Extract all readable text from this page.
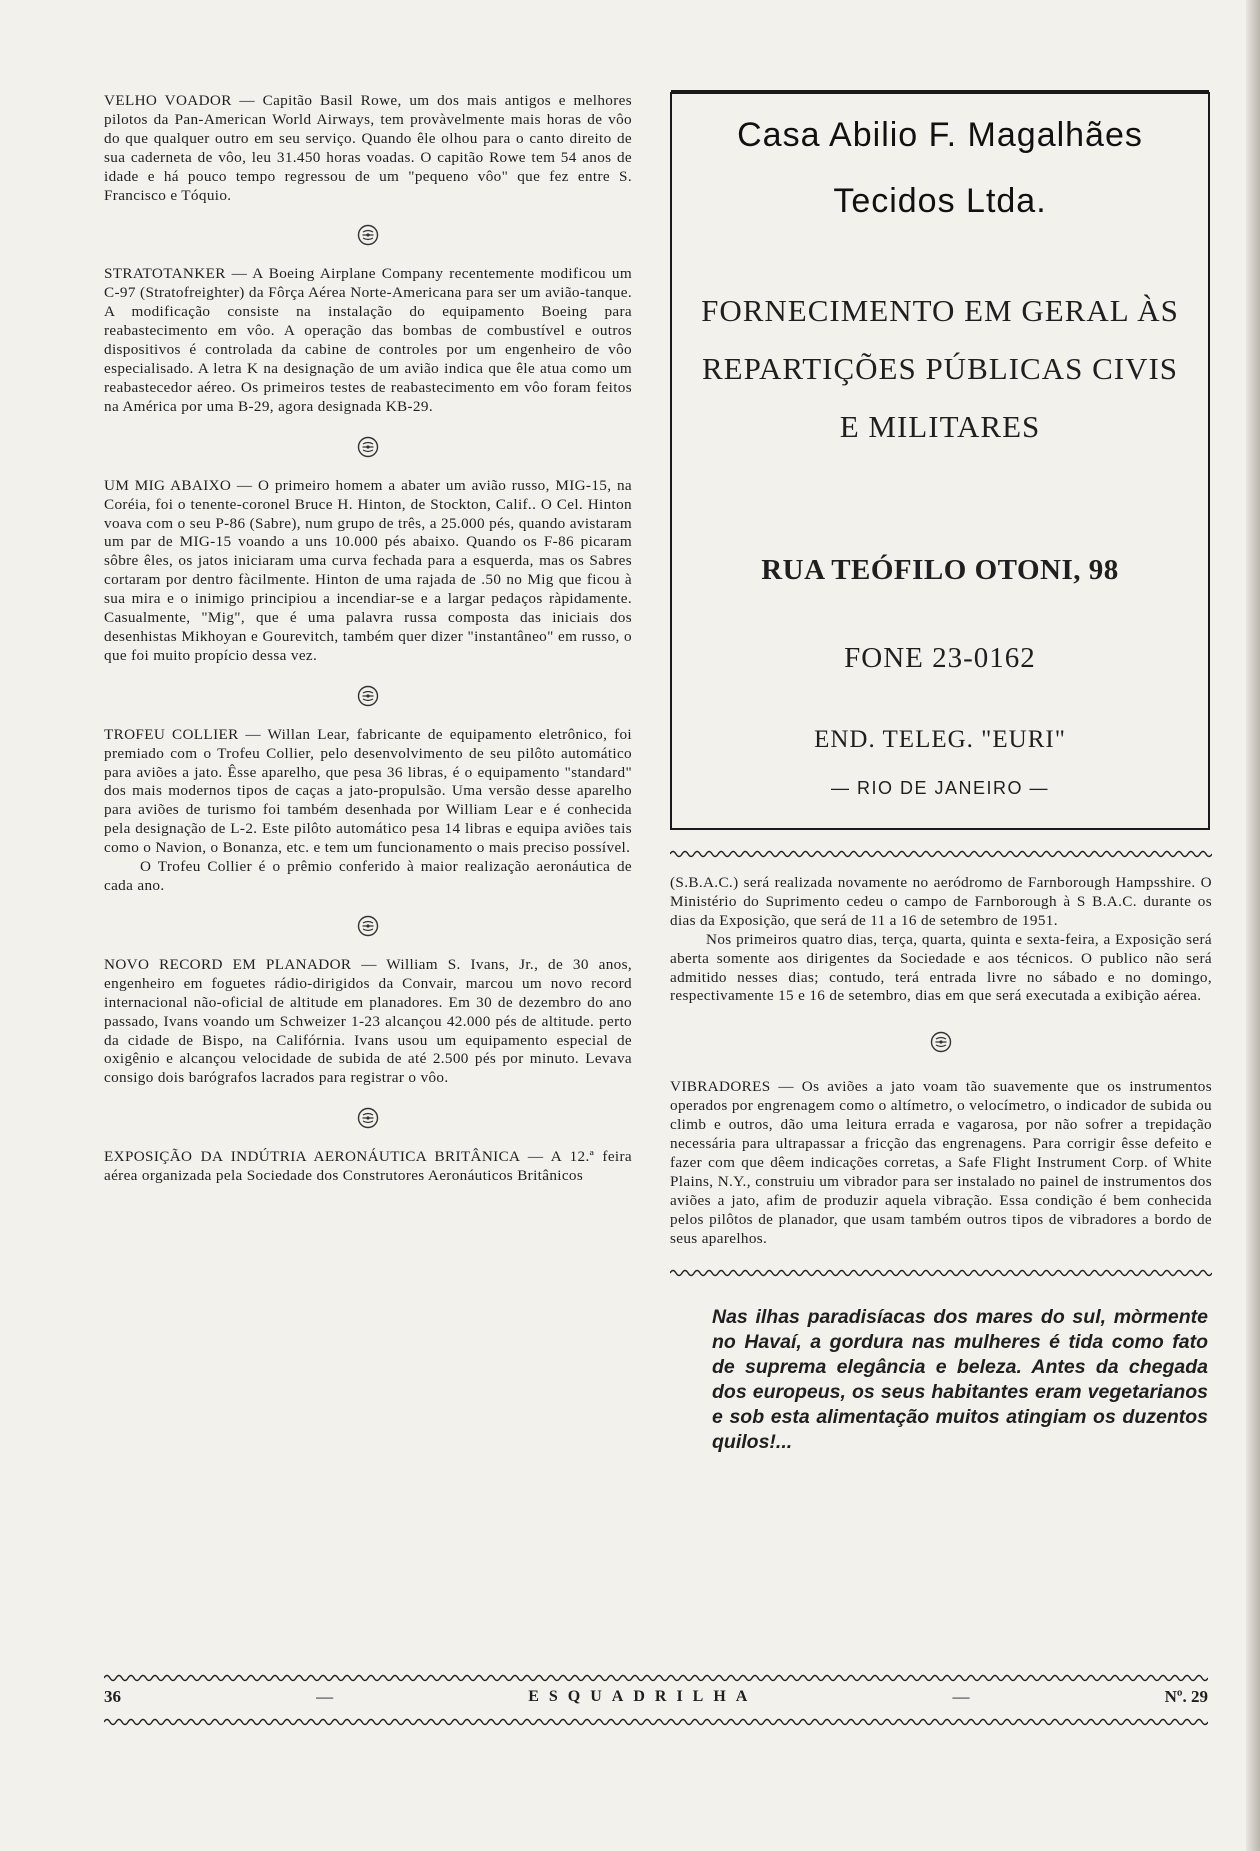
VELHO VOADOR — Capitão Basil Rowe, um dos mais antigos e melhores pilotos da Pan-American World Airways, tem provàvelmente mais horas de vôo do que qualquer outro em seu serviço. Quando êle olhou para o canto direito de sua caderneta de vôo, leu 31.450 horas voadas. O capitão Rowe tem 54 anos de idade e há pouco tempo regressou de um "pequeno vôo" que fez entre S. Francisco e Tóquio.

STRATOTANKER — A Boeing Airplane Company recentemente modificou um C-97 (Stratofreighter) da Fôrça Aérea Norte-Americana para ser um avião-tanque. A modificação consiste na instalação do equipamento Boeing para reabastecimento em vôo. A operação das bombas de combustível e outros dispositivos é controlada da cabine de controles por um engenheiro de vôo especialisado. A letra K na designação de um avião indica que êle atua como um reabastecedor aéreo. Os primeiros testes de reabastecimento em vôo foram feitos na América por uma B-29, agora designada KB-29.

UM MIG ABAIXO — O primeiro homem a abater um avião russo, MIG-15, na Coréia, foi o tenente-coronel Bruce H. Hinton, de Stockton, Calif.. O Cel. Hinton voava com o seu P-86 (Sabre), num grupo de três, a 25.000 pés, quando avistaram um par de MIG-15 voando a uns 10.000 pés abaixo. Quando os F-86 picaram sôbre êles, os jatos iniciaram uma curva fechada para a esquerda, mas os Sabres cortaram por dentro fàcilmente. Hinton de uma rajada de .50 no Mig que ficou à sua mira e o inimigo principiou a incendiar-se e a largar pedaços ràpidamente. Casualmente, "Mig", que é uma palavra russa composta das iniciais dos desenhistas Mikhoyan e Gourevitch, também quer dizer "instantâneo" em russo, o que foi muito propício dessa vez.

TROFEU COLLIER — Willan Lear, fabricante de equipamento eletrônico, foi premiado com o Trofeu Collier, pelo desenvolvimento de seu pilôto automático para aviões a jato. Êsse aparelho, que pesa 36 libras, é o equipamento "standard" dos mais modernos tipos de caças a jato-propulsão. Uma versão desse aparelho para aviões de turismo foi também desenhada por William Lear e é conhecida pela designação de L-2. Este pilôto automático pesa 14 libras e equipa aviões tais como o Navion, o Bonanza, etc. e tem um funcionamento o mais preciso possível.

O Trofeu Collier é o prêmio conferido à maior realização aeronáutica de cada ano.

NOVO RECORD EM PLANADOR — William S. Ivans, Jr., de 30 anos, engenheiro em foguetes rádio-dirigidos da Convair, marcou um novo record internacional não-oficial de altitude em planadores. Em 30 de dezembro do ano passado, Ivans voando um Schweizer 1-23 alcançou 42.000 pés de altitude. perto da cidade de Bispo, na Califórnia. Ivans usou um equipamento especial de oxigênio e alcançou velocidade de subida de até 2.500 pés por minuto. Levava consigo dois barógrafos lacrados para registrar o vôo.

EXPOSIÇÃO DA INDÚTRIA AERONÁUTICA BRITÂNICA — A 12.ª feira aérea organizada pela Sociedade dos Construtores Aeronáuticos Britânicos

Casa Abilio F. Magalhães
Tecidos Ltda.
FORNECIMENTO EM GERAL ÀS REPARTIÇÕES PÚBLICAS CIVIS E MILITARES
RUA TEÓFILO OTONI, 98
FONE 23-0162
END. TELEG. "EURI"
— RIO DE JANEIRO —

(S.B.A.C.) será realizada novamente no aeródromo de Farnborough Hampsshire. O Ministério do Suprimento cedeu o campo de Farnborough à S B.A.C. durante os dias da Exposição, que será de 11 a 16 de setembro de 1951.

Nos primeiros quatro dias, terça, quarta, quinta e sexta-feira, a Exposição será aberta somente aos dirigentes da Sociedade e aos técnicos. O publico não será admitido nesses dias; contudo, terá entrada livre no sábado e no domingo, respectivamente 15 e 16 de setembro, dias em que será executada a exibição aérea.

VIBRADORES — Os aviões a jato voam tão suavemente que os instrumentos operados por engrenagem como o altímetro, o velocímetro, o indicador de subida ou climb e outros, dão uma leitura errada e vagarosa, por não sofrer a trepidação necessária para ultrapassar a fricção das engrenagens. Para corrigir êsse defeito e fazer com que dêem indicações corretas, a Safe Flight Instrument Corp. of White Plains, N.Y., construiu um vibrador para ser instalado no painel de instrumentos dos aviões a jato, afim de produzir aquela vibração. Essa condição é bem conhecida pelos pilôtos de planador, que usam também outros tipos de vibradores a bordo de seus aparelhos.

Nas ilhas paradisíacas dos mares do sul, mòrmente no Havaí, a gordura nas mulheres é tida como fato de suprema elegância e beleza. Antes da chegada dos europeus, os seus habitantes eram vegetarianos e sob esta alimentação muitos atingiam os duzentos quilos!...
36	—	ESQUADRILHA	—	Nº. 29
